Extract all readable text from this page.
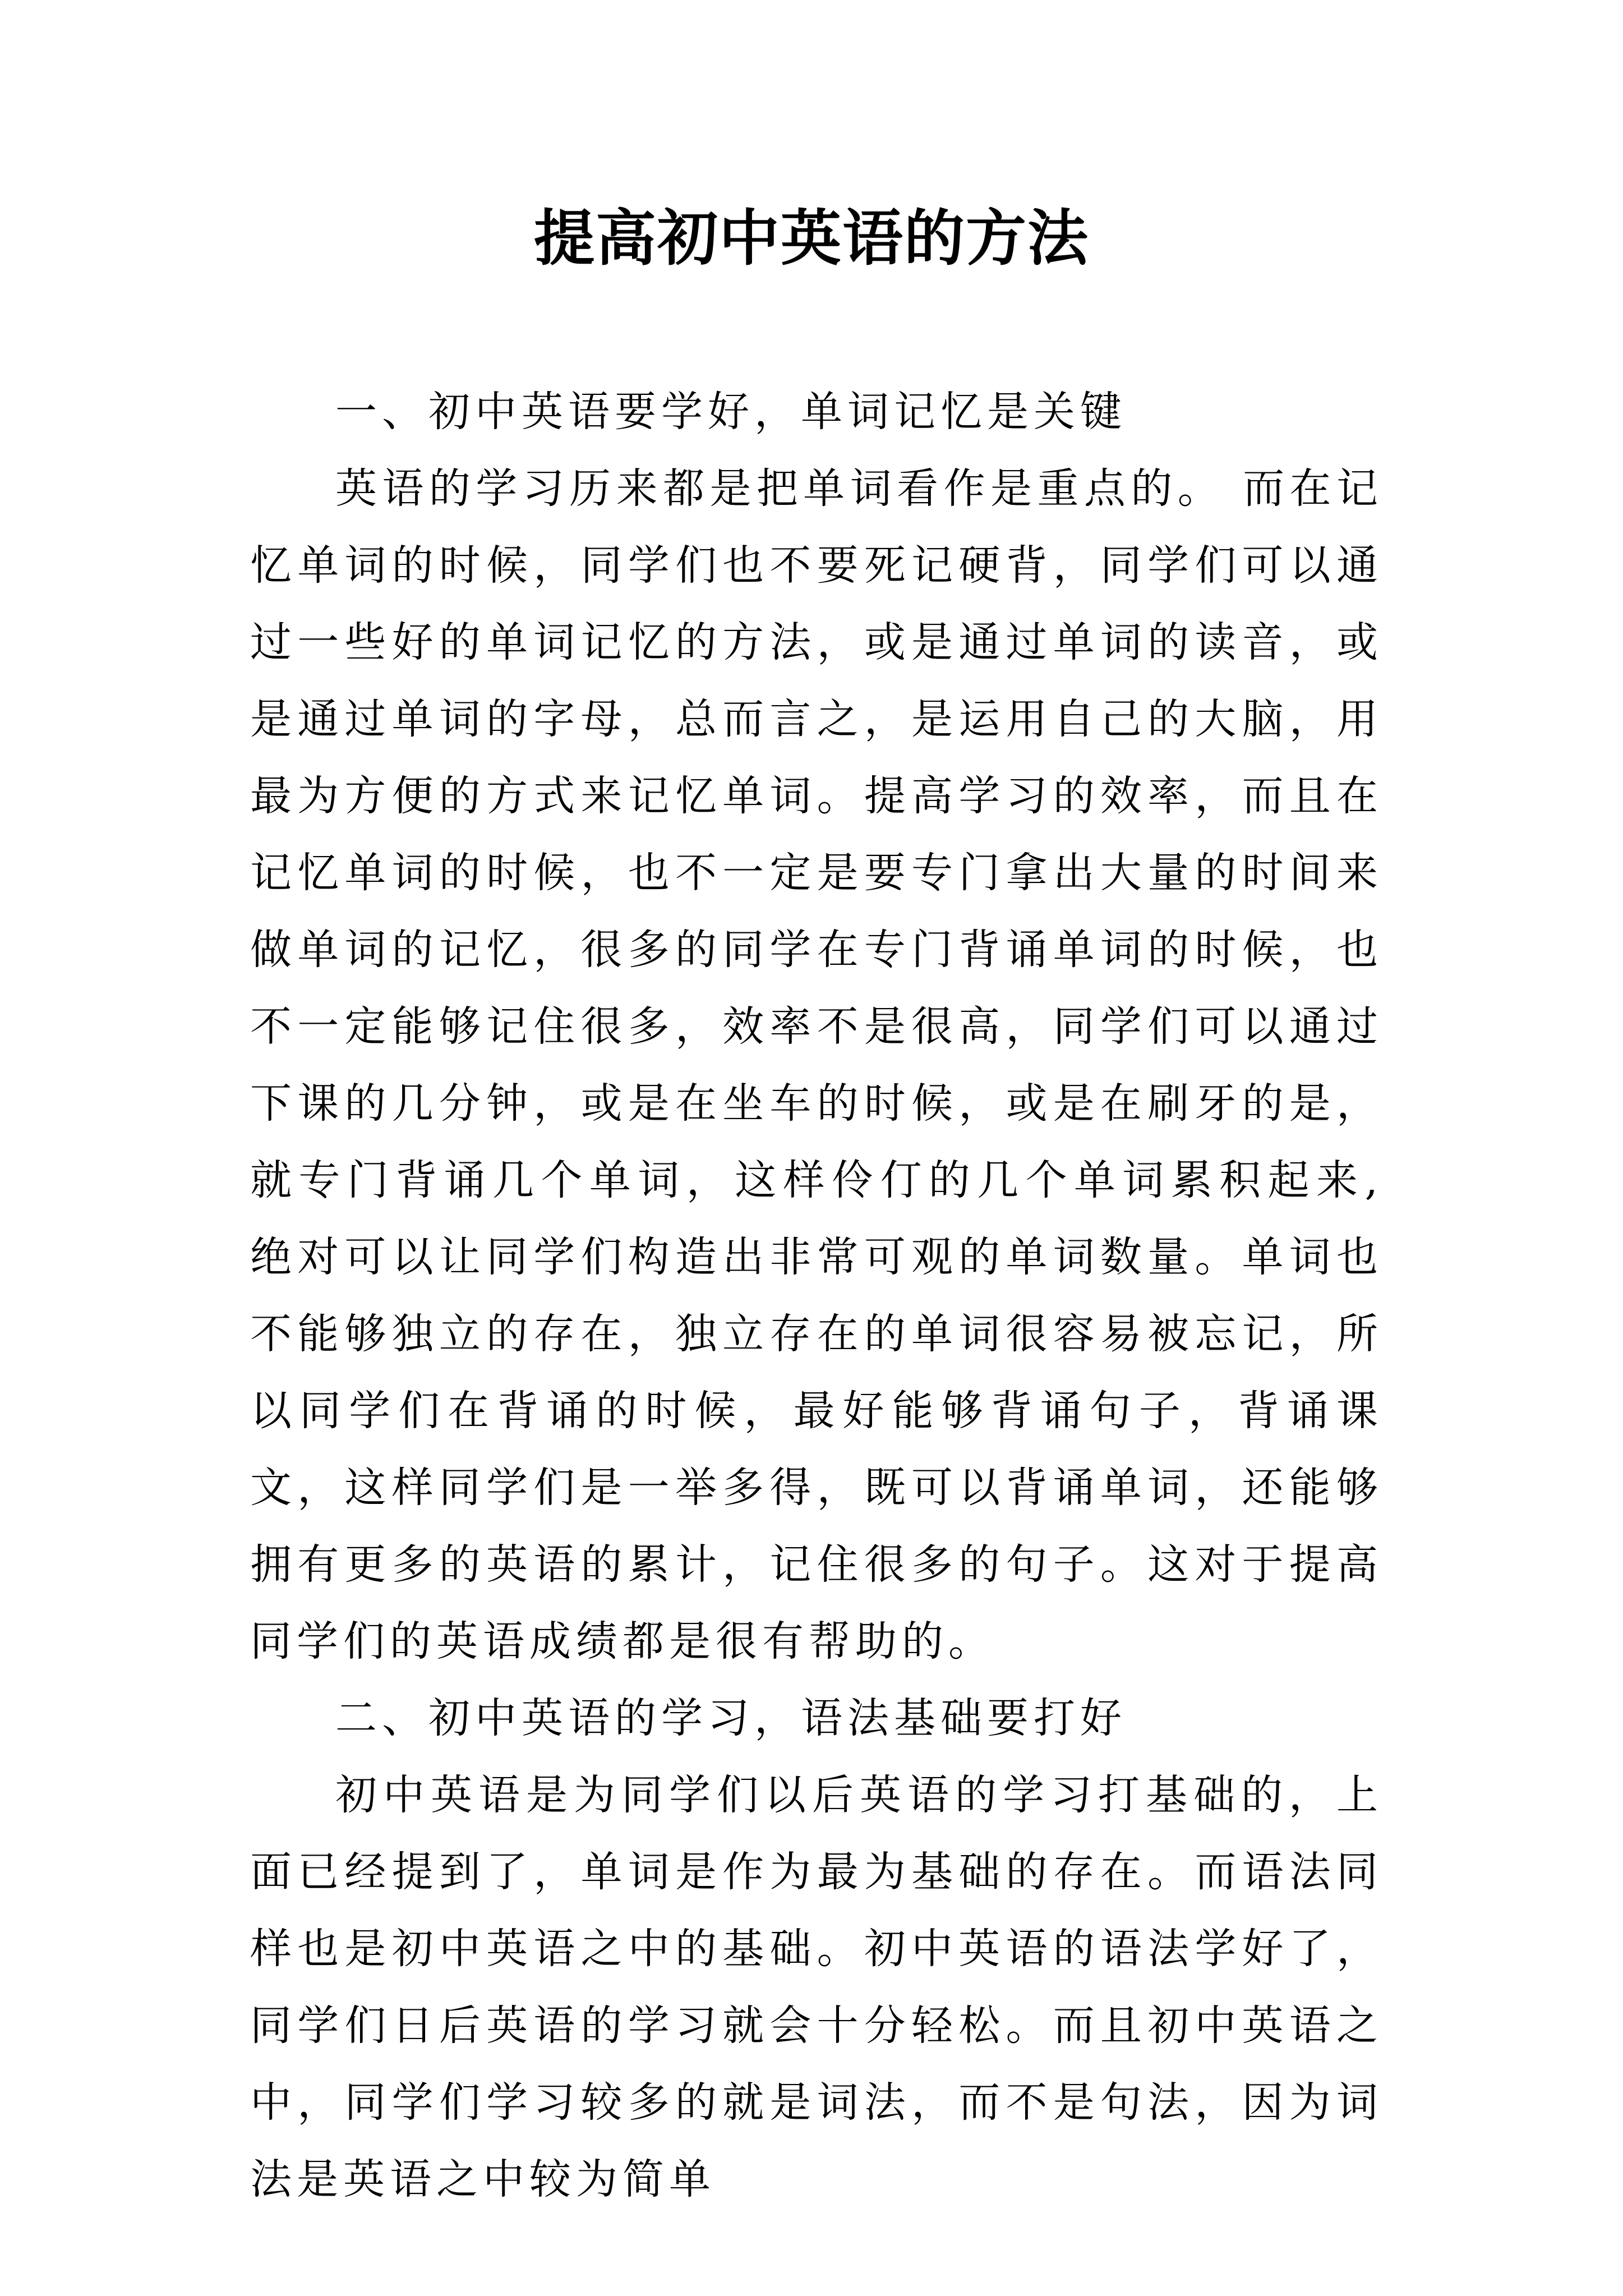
提高初中英语的方法

一、初中英语要学好，单词记忆是关键

英语的学习历来都是把单词看作是重点的。 而在记忆单词的时候，同学们也不要死记硬背，同学们可以通过一些好的单词记忆的方法，或是通过单词的读音，或是通过单词的字母，总而言之，是运用自己的大脑，用最为方便的方式来记忆单词。提高学习的效率，而且在记忆单词的时候，也不一定是要专门拿出大量的时间来做单词的记忆，很多的同学在专门背诵单词的时候，也不一定能够记住很多，效率不是很高，同学们可以通过下课的几分钟，或是在坐车的时候，或是在刷牙的是，就专门背诵几个单词，这样伶仃的几个单词累积起来,绝对可以让同学们构造出非常可观的单词数量。单词也不能够独立的存在，独立存在的单词很容易被忘记，所以同学们在背诵的时候，最好能够背诵句子，背诵课文，这样同学们是一举多得，既可以背诵单词，还能够拥有更多的英语的累计，记住很多的句子。这对于提高同学们的英语成绩都是很有帮助的。

二、初中英语的学习，语法基础要打好

初中英语是为同学们以后英语的学习打基础的，上面已经提到了，单词是作为最为基础的存在。而语法同样也是初中英语之中的基础。初中英语的语法学好了，同学们日后英语的学习就会十分轻松。而且初中英语之中，同学们学习较多的就是词法，而不是句法，因为词法是英语之中较为简单
